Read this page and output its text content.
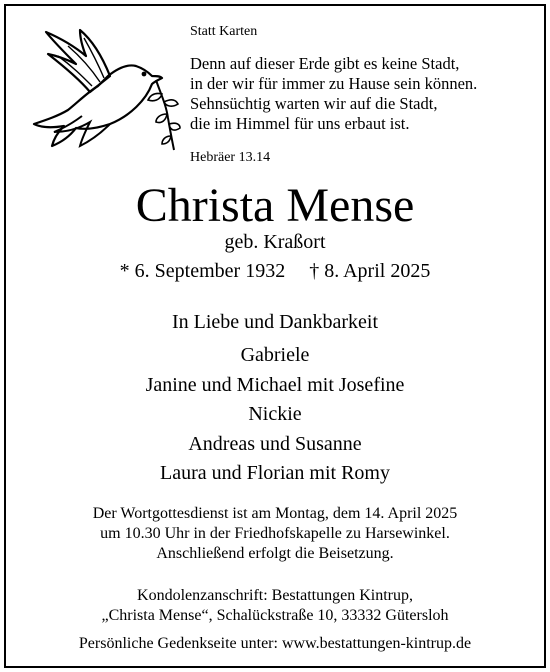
Statt Karten
Denn auf dieser Erde gibt es keine Stadt,
in der wir für immer zu Hause sein können.
Sehnsüchtig warten wir auf die Stadt,
die im Himmel für uns erbaut ist.
Hebräer 13.14
Christa Mense
geb. Kraßort
* 6. September 1932 † 8. April 2025
In Liebe und Dankbarkeit
Gabriele
Janine und Michael mit Josefine
Nickie
Andreas und Susanne
Laura und Florian mit Romy
Der Wortgottesdienst ist am Montag, dem 14. April 2025
um 10.30 Uhr in der Friedhofskapelle zu Harsewinkel.
Anschließend erfolgt die Beisetzung.
Kondolenzanschrift: Bestattungen Kintrup,
„Christa Mense“, Schalückstraße 10, 33332 Gütersloh
Persönliche Gedenkseite unter: www.bestattungen-kintrup.de
